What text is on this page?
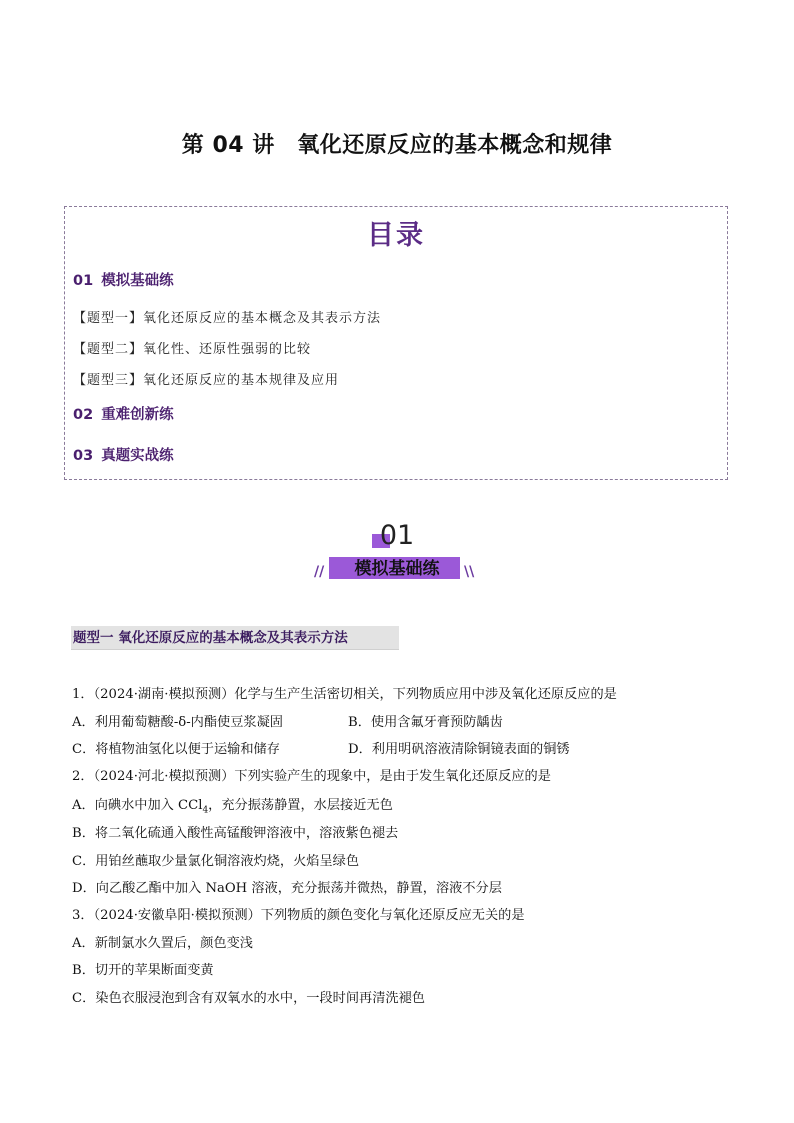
第 04 讲　氧化还原反应的基本概念和规律
目录
01 模拟基础练
【题型一】氧化还原反应的基本概念及其表示方法
【题型二】氧化性、还原性强弱的比较
【题型三】氧化还原反应的基本规律及应用
02 重难创新练
03 真题实战练
01
模拟基础练
//	\\
题型一 氧化还原反应的基本概念及其表示方法
1．（2024·湖南·模拟预测）化学与生产生活密切相关，下列物质应用中涉及氧化还原反应的是
A．利用葡萄糖酸-δ-内酯使豆浆凝固	B．使用含氟牙膏预防龋齿
C．将植物油氢化以便于运输和储存	D．利用明矾溶液清除铜镜表面的铜锈
2．（2024·河北·模拟预测）下列实验产生的现象中，是由于发生氧化还原反应的是
A．向碘水中加入 CCl$_4$，充分振荡静置，水层接近无色
B．将二氧化硫通入酸性高锰酸钾溶液中，溶液紫色褪去
C．用铂丝蘸取少量氯化铜溶液灼烧，火焰呈绿色
D．向乙酸乙酯中加入 NaOH 溶液，充分振荡并微热，静置，溶液不分层
3．（2024·安徽阜阳·模拟预测）下列物质的颜色变化与氧化还原反应无关的是
A．新制氯水久置后，颜色变浅
B．切开的苹果断面变黄
C．染色衣服浸泡到含有双氧水的水中，一段时间再清洗褪色
